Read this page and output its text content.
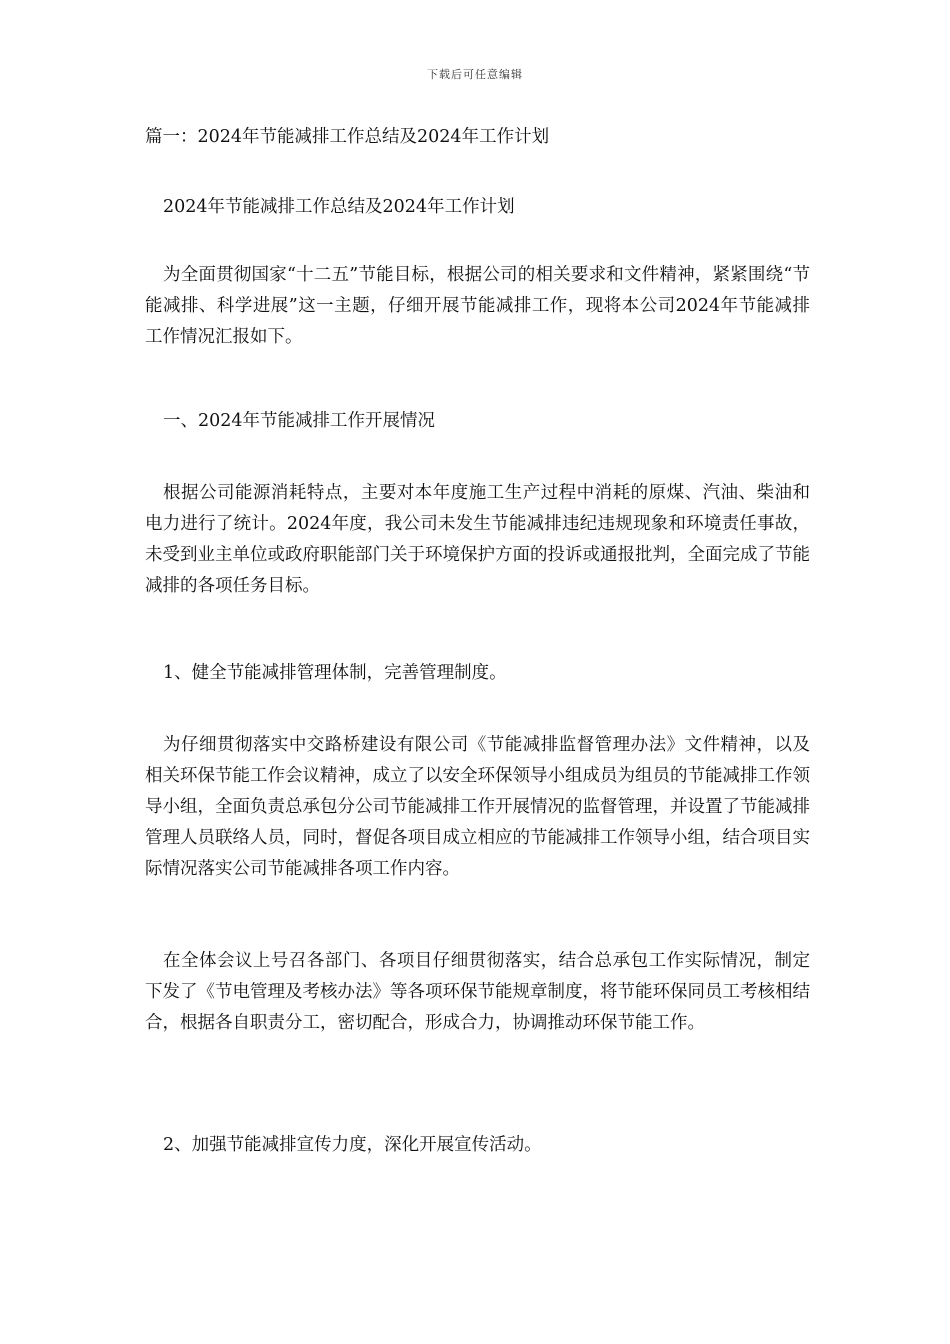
下载后可任意编辑
篇一：2024年节能减排工作总结及2024年工作计划
2024年节能减排工作总结及2024年工作计划
为全面贯彻国家“十二五”节能目标，根据公司的相关要求和文件精神，紧紧围绕“节能减排、科学进展”这一主题，仔细开展节能减排工作，现将本公司2024年节能减排工作情况汇报如下。
一、2024年节能减排工作开展情况
根据公司能源消耗特点，主要对本年度施工生产过程中消耗的原煤、汽油、柴油和电力进行了统计。2024年度，我公司未发生节能减排违纪违规现象和环境责任事故，未受到业主单位或政府职能部门关于环境保护方面的投诉或通报批判，全面完成了节能减排的各项任务目标。
1、健全节能减排管理体制，完善管理制度。
为仔细贯彻落实中交路桥建设有限公司《节能减排监督管理办法》文件精神，以及相关环保节能工作会议精神，成立了以安全环保领导小组成员为组员的节能减排工作领导小组，全面负责总承包分公司节能减排工作开展情况的监督管理，并设置了节能减排管理人员联络人员，同时，督促各项目成立相应的节能减排工作领导小组，结合项目实际情况落实公司节能减排各项工作内容。
在全体会议上号召各部门、各项目仔细贯彻落实，结合总承包工作实际情况，制定下发了《节电管理及考核办法》等各项环保节能规章制度，将节能环保同员工考核相结合，根据各自职责分工，密切配合，形成合力，协调推动环保节能工作。
2、加强节能减排宣传力度，深化开展宣传活动。
